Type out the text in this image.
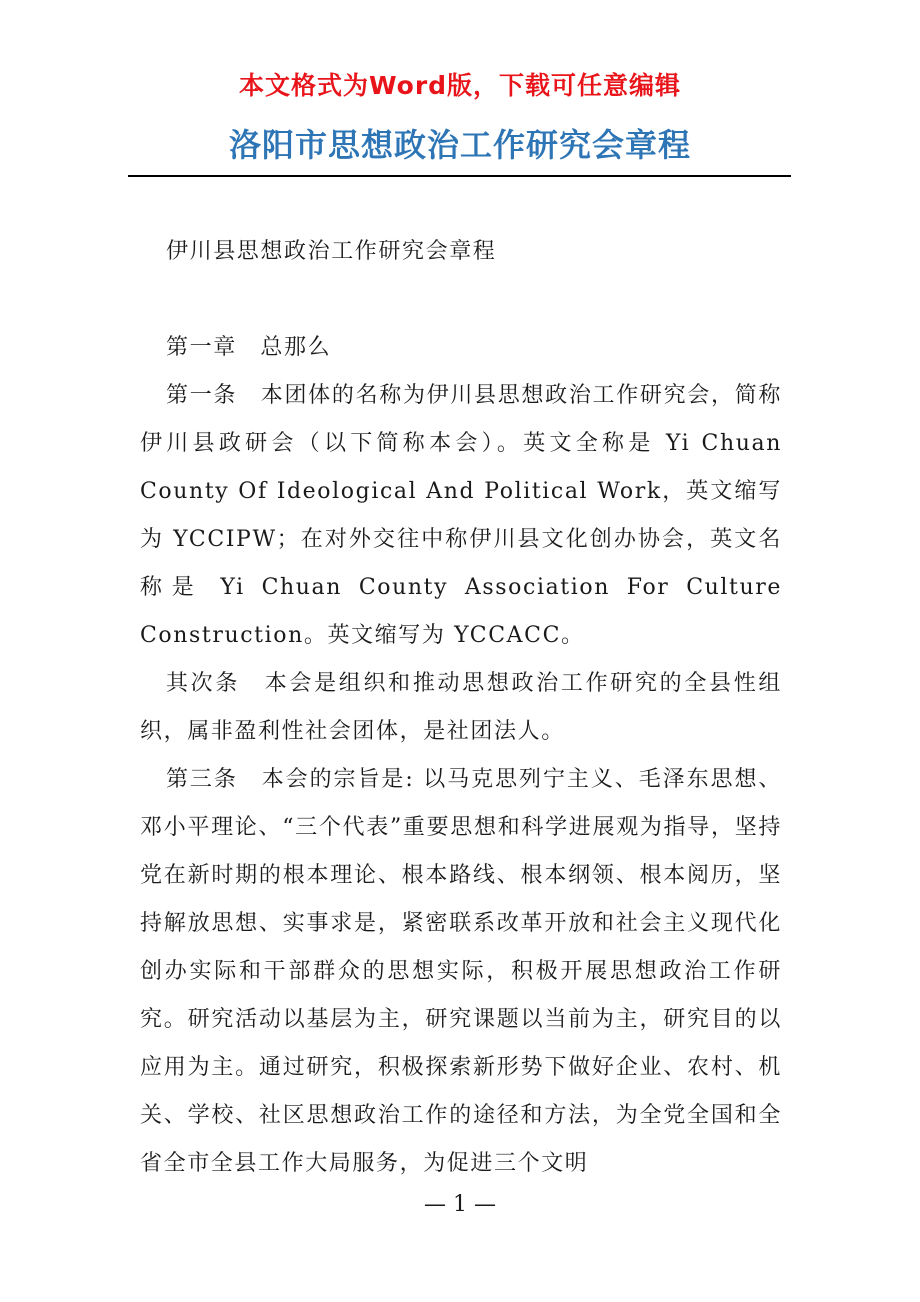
本文格式为Word版，下载可任意编辑
洛阳市思想政治工作研究会章程

伊川县思想政治工作研究会章程

第一章　总那么

第一条　本团体的名称为伊川县思想政治工作研究会，简称伊川县政研会（以下简称本会）。英文全称是 Yi Chuan County Of Ideological And Political Work，英文缩写为 YCCIPW；在对外交往中称伊川县文化创办协会，英文名称是 Yi Chuan County Association For Culture Construction。英文缩写为 YCCACC。

其次条　本会是组织和推动思想政治工作研究的全县性组织，属非盈利性社会团体，是社团法人。

第三条　本会的宗旨是: 以马克思列宁主义、毛泽东思想、邓小平理论、“三个代表”重要思想和科学进展观为指导，坚持党在新时期的根本理论、根本路线、根本纲领、根本阅历，坚持解放思想、实事求是，紧密联系改革开放和社会主义现代化创办实际和干部群众的思想实际，积极开展思想政治工作研究。研究活动以基层为主，研究课题以当前为主，研究目的以应用为主。通过研究，积极探索新形势下做好企业、农村、机关、学校、社区思想政治工作的途径和方法，为全党全国和全省全市全县工作大局服务，为促进三个文明

— 1 —
